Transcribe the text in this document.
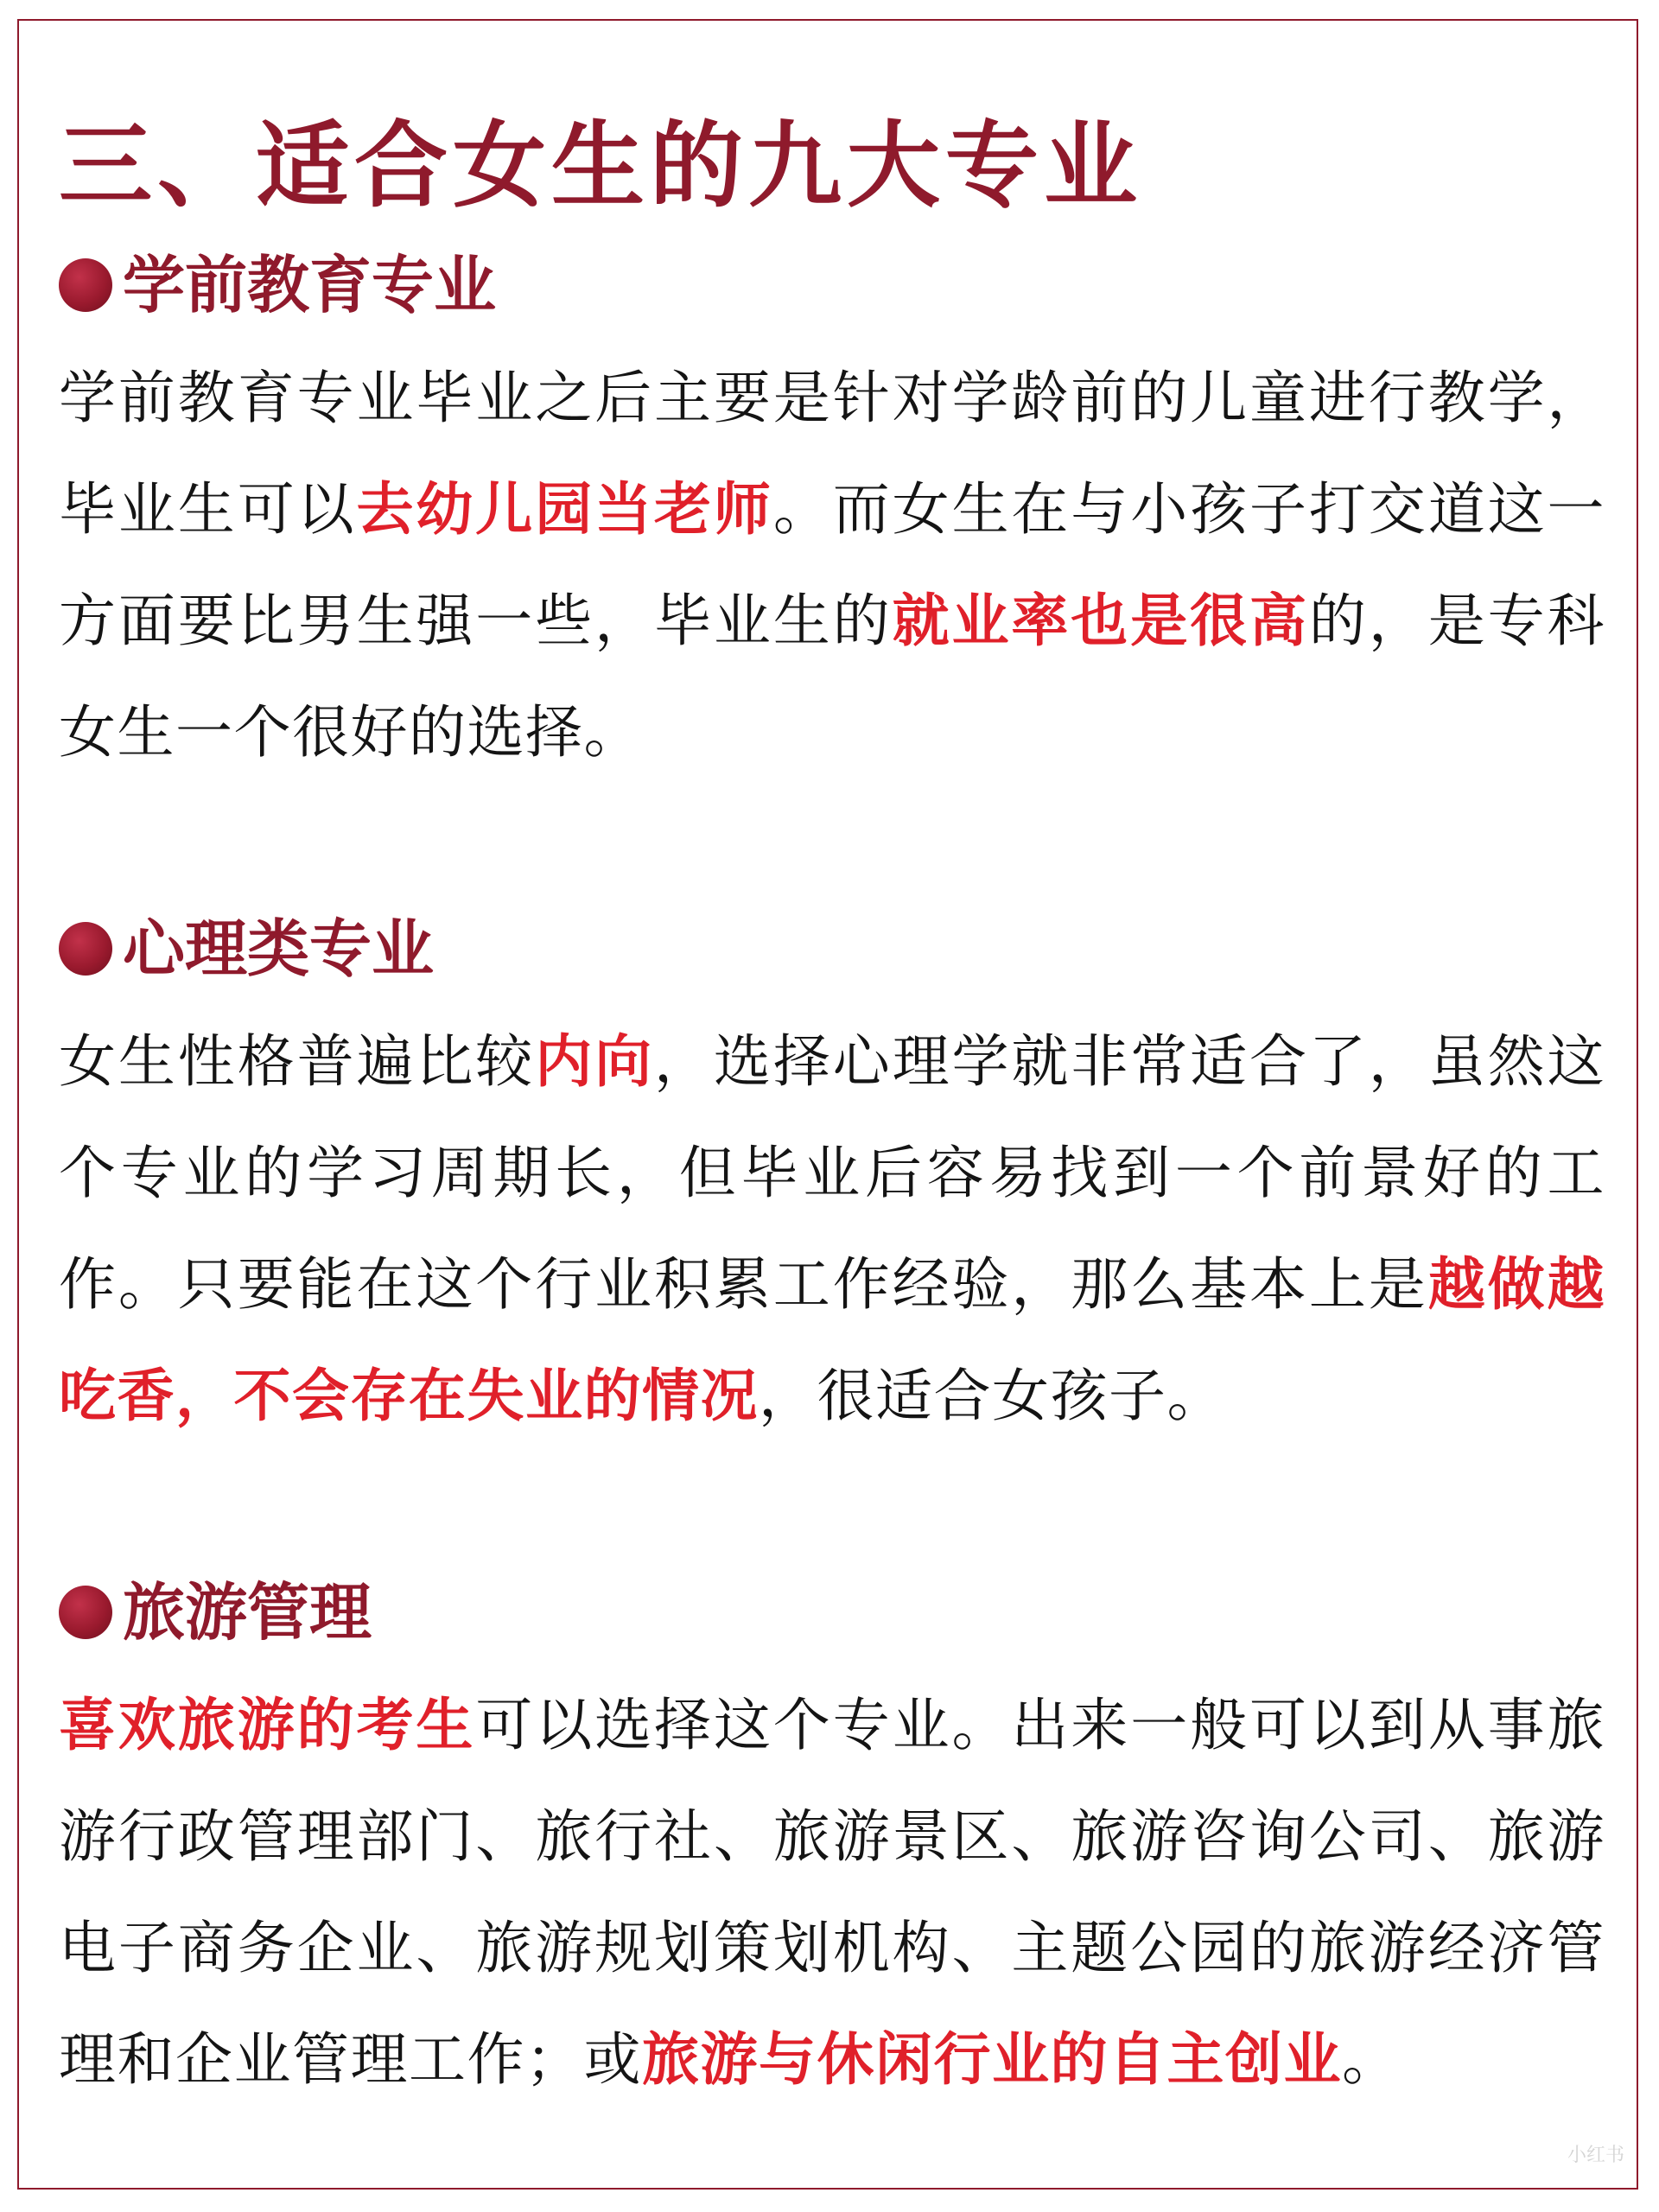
三、适合女生的九大专业
学前教育专业

学前教育专业毕业之后主要是针对学龄前的儿童进行教学，毕业生可以去幼儿园当老师。而女生在与小孩子打交道这一方面要比男生强一些，毕业生的就业率也是很高的，是专科女生一个很好的选择。

心理类专业

女生性格普遍比较内向，选择心理学就非常适合了，虽然这个专业的学习周期长，但毕业后容易找到一个前景好的工作。只要能在这个行业积累工作经验，那么基本上是越做越吃香，不会存在失业的情况，很适合女孩子。

旅游管理

喜欢旅游的考生可以选择这个专业。出来一般可以到从事旅游行政管理部门、旅行社、旅游景区、旅游咨询公司、旅游电子商务企业、旅游规划策划机构、主题公园的旅游经济管理和企业管理工作；或旅游与休闲行业的自主创业。

小红书
